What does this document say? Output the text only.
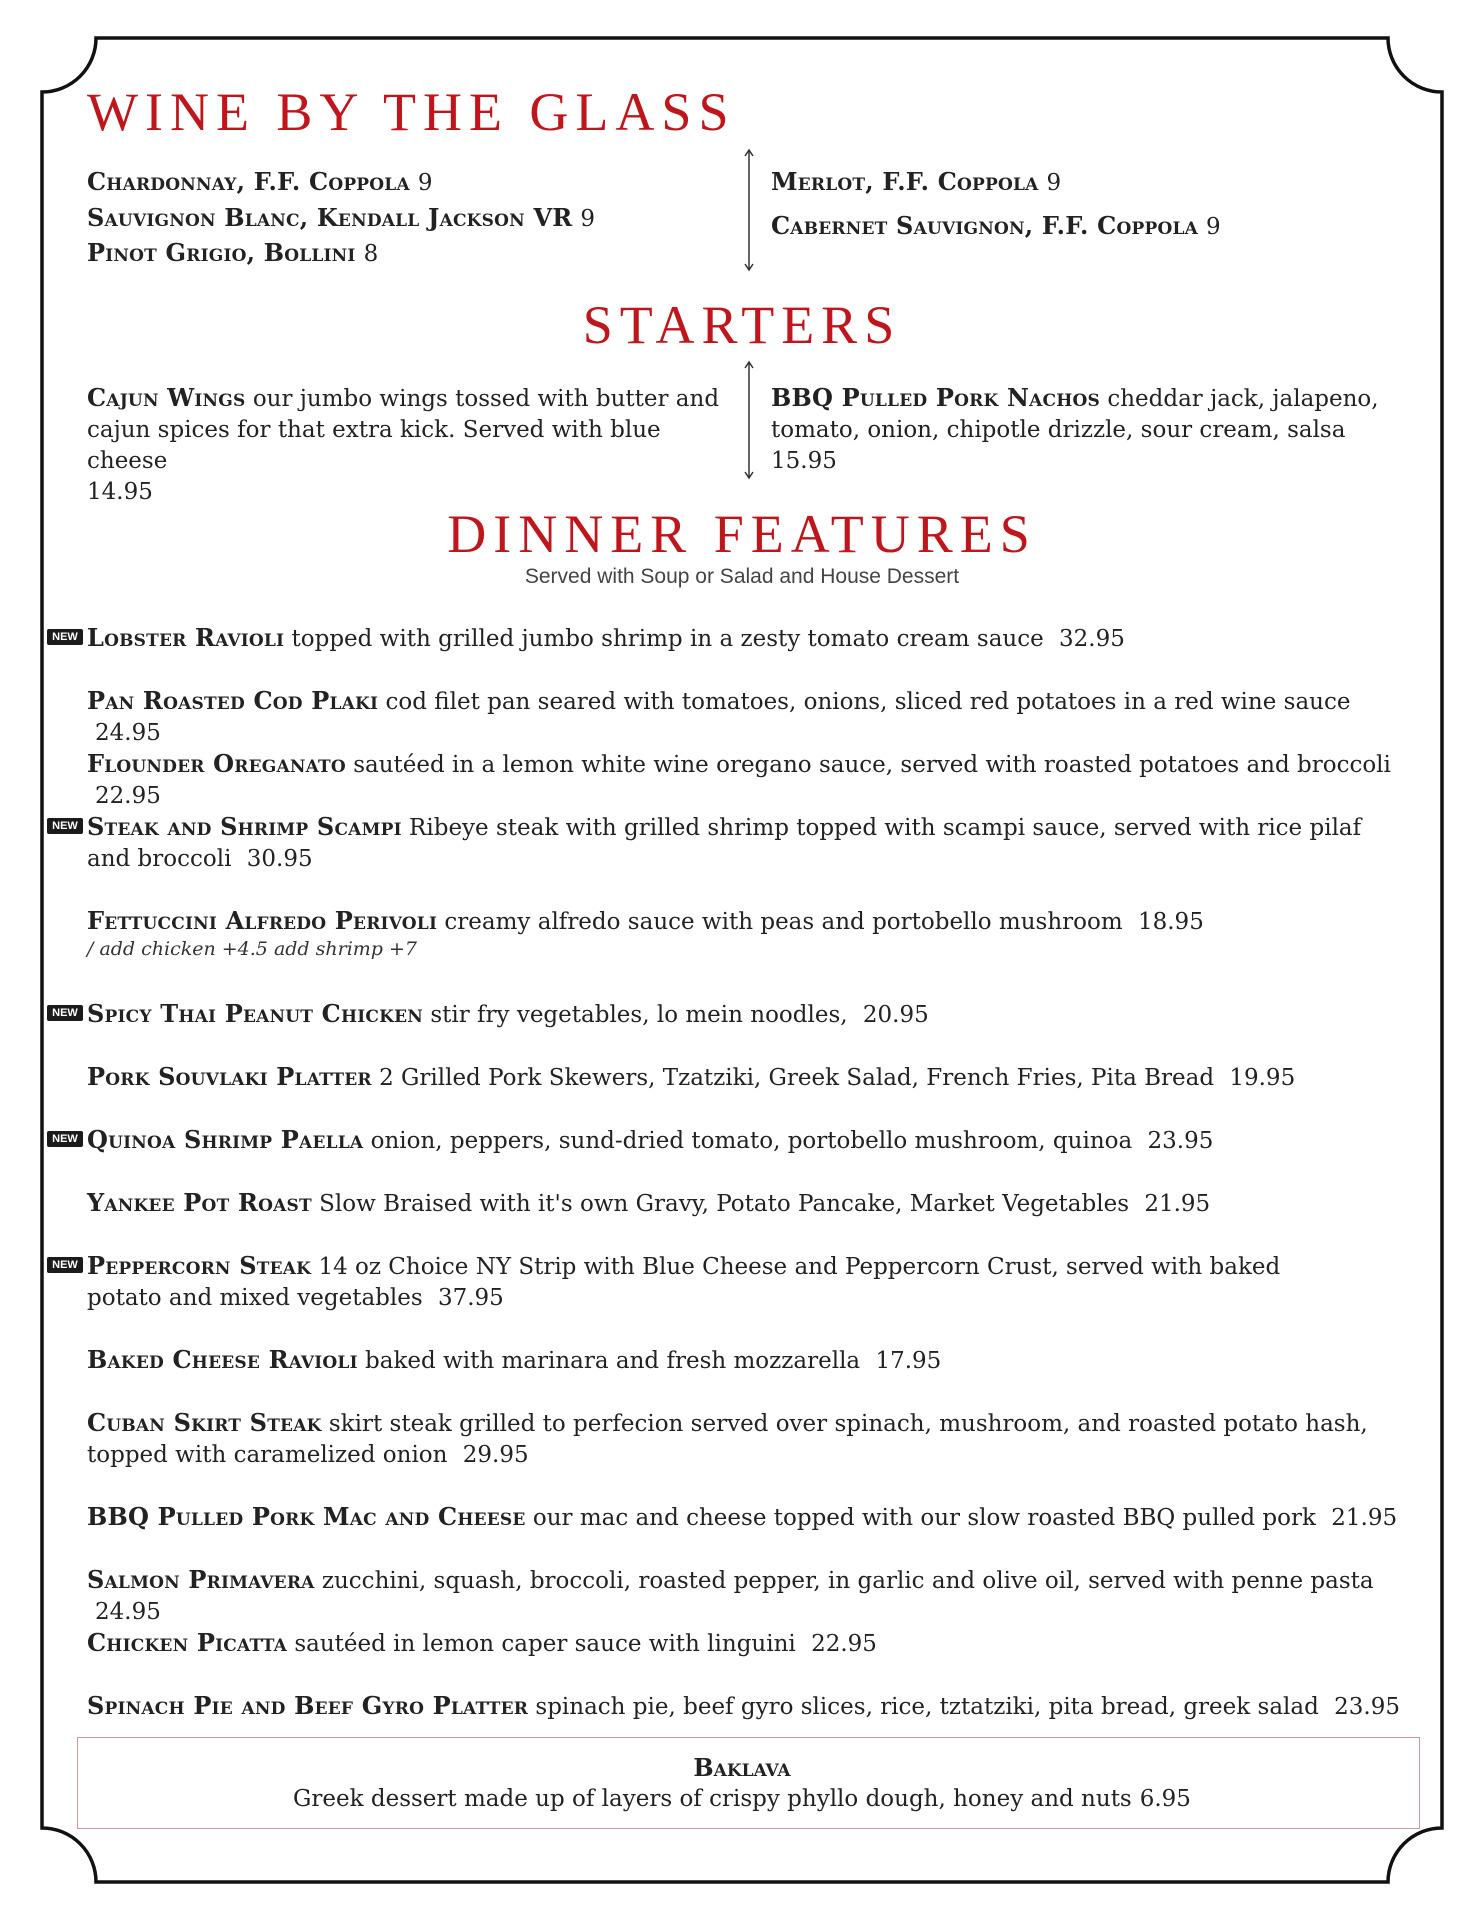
WINE BY THE GLASS
Chardonnay, F.F. Coppola 9
Sauvignon Blanc, Kendall Jackson VR 9
Pinot Grigio, Bollini 8
Merlot, F.F. Coppola 9
Cabernet Sauvignon, F.F. Coppola 9
STARTERS
Cajun Wings our jumbo wings tossed with butter and cajun spices for that extra kick. Served with blue cheese
14.95
BBQ Pulled Pork Nachos cheddar jack, jalapeno, tomato, onion, chipotle drizzle, sour cream, salsa 15.95
DINNER FEATURES
Served with Soup or Salad and House Dessert
NEW
NEW
NEW
NEW
NEW
Lobster Ravioli topped with grilled jumbo shrimp in a zesty tomato cream sauce 32.95
Pan Roasted Cod Plaki cod filet pan seared with tomatoes, onions, sliced red potatoes in a red wine sauce 24.95
Flounder Oreganato sautéed in a lemon white wine oregano sauce, served with roasted potatoes and broccoli 22.95
Steak and Shrimp Scampi Ribeye steak with grilled shrimp topped with scampi sauce, served with rice pilaf and broccoli 30.95
Fettuccini Alfredo Perivoli creamy alfredo sauce with peas and portobello mushroom 18.95
/ add chicken +4.5 add shrimp +7
Spicy Thai Peanut Chicken stir fry vegetables, lo mein noodles, 20.95
Pork Souvlaki Platter 2 Grilled Pork Skewers, Tzatziki, Greek Salad, French Fries, Pita Bread 19.95
Quinoa Shrimp Paella onion, peppers, sund-dried tomato, portobello mushroom, quinoa 23.95
Yankee Pot Roast Slow Braised with it's own Gravy, Potato Pancake, Market Vegetables 21.95
Peppercorn Steak 14 oz Choice NY Strip with Blue Cheese and Peppercorn Crust, served with baked potato and mixed vegetables 37.95
Baked Cheese Ravioli baked with marinara and fresh mozzarella 17.95
Cuban Skirt Steak skirt steak grilled to perfecion served over spinach, mushroom, and roasted potato hash, topped with caramelized onion 29.95
BBQ Pulled Pork Mac and Cheese our mac and cheese topped with our slow roasted BBQ pulled pork 21.95
Salmon Primavera zucchini, squash, broccoli, roasted pepper, in garlic and olive oil, served with penne pasta 24.95
Chicken Picatta sautéed in lemon caper sauce with linguini 22.95
Spinach Pie and Beef Gyro Platter spinach pie, beef gyro slices, rice, tztatziki, pita bread, greek salad 23.95
Baklava
Greek dessert made up of layers of crispy phyllo dough, honey and nuts 6.95
